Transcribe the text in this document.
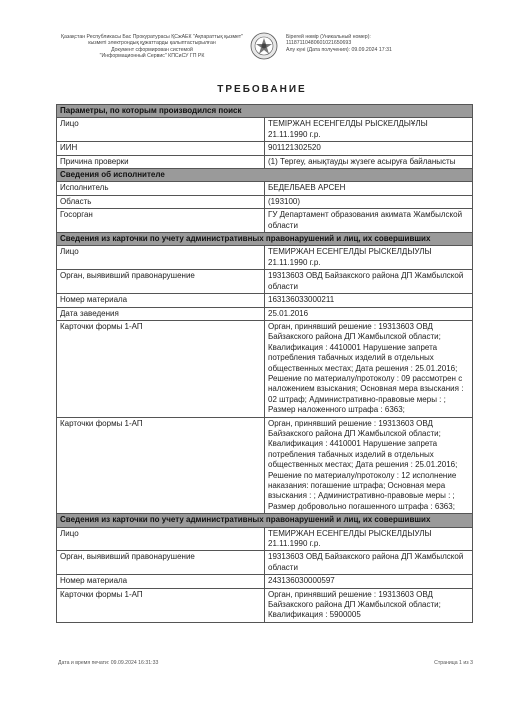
Қазақстан Республикасы Бас Прокуратурасы ҚСжАЕК "Ақпараттық қызмет"
кызметі электрондық құжаттарды қалыптастырылған
Документ сформирован системой
"Информационный Сервис" КПСиСУ ГП РК
Бірегей нөмір (Уникальный номер):
11187110480601021650693
Алу күні (Дата получения): 09.09.2024 17:31
ТРЕБОВАНИЕ
Параметры, по которым производился поиск	
Лицо	ТЕМІРЖАН ЕСЕНГЕЛДЫ РЫСКЕЛДЫҰЛЫ 21.11.1990 г.р.
ИИН	901121302520
Причина проверки	(1) Тергеу, анықтауды жүзеге асыруға байланысты
Сведения об исполнителе	
Исполнитель	БЕДЕЛБАЕВ АРСЕН
Область	(193100)
Госорган	ГУ Департамент образования акимата Жамбылской области
Сведения из карточки по учету административных правонарушений и лиц, их совершивших	
Лицо	ТЕМИРЖАН ЕСЕНГЕЛДЫ РЫСКЕЛДЫУЛЫ 21.11.1990 г.р.
Орган, выявивший правонарушение	19313603 ОВД Байзакского района ДП Жамбылской области
Номер материала	163136033000211
Дата заведения	25.01.2016
Карточки формы 1-АП	Орган, принявший решение : 19313603 ОВД Байзакского района ДП Жамбылской области; Квалификация : 4410001 Нарушение запрета потребления табачных изделий в отдельных общественных местах; Дата решения : 25.01.2016; Решение по материалу/протоколу : 09 рассмотрен с наложением взыскания; Основная мера взыскания : 02 штраф; Административно-правовые меры : ; Размер наложенного штрафа : 6363;
Карточки формы 1-АП	Орган, принявший решение : 19313603 ОВД Байзакского района ДП Жамбылской области; Квалификация : 4410001 Нарушение запрета потребления табачных изделий в отдельных общественных местах; Дата решения : 25.01.2016; Решение по материалу/протоколу : 12 исполнение наказания: погашение штрафа; Основная мера взыскания : ; Административно-правовые меры : ; Размер добровольно погашенного штрафа : 6363;
Сведения из карточки по учету административных правонарушений и лиц, их совершивших	
Лицо	ТЕМИРЖАН ЕСЕНГЕЛДЫ РЫСКЕЛДЫУЛЫ 21.11.1990 г.р.
Орган, выявивший правонарушение	19313603 ОВД Байзакского района ДП Жамбылской области
Номер материала	243136030000597
Карточки формы 1-АП	Орган, принявший решение : 19313603 ОВД Байзакского района ДП Жамбылской области; Квалификация : 5900005
Дата и время печати: 09.09.2024 16:31:33	Страница 1 из 3
